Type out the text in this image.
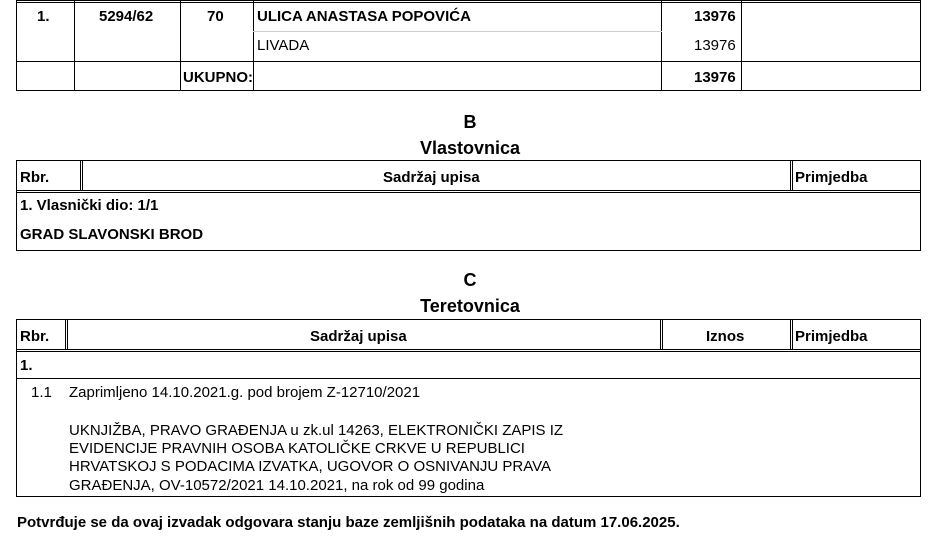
1.	5294/62	70 ULICA ANASTASA POPOVIĆA	13976
LIVADA	13976
UKUPNO:	13976
B
Vlastovnica
Rbr.	Sadržaj upisa	Primjedba
1. Vlasnički dio: 1/1
GRAD SLAVONSKI BROD
C
Teretovnica
Rbr.	Sadržaj upisa	Iznos	Primjedba
1.
1.1 Zaprimljeno 14.10.2021.g. pod brojem Z-12710/2021
UKNJIŽBA, PRAVO GRAĐENJA u zk.ul 14263, ELEKTRONIČKI ZAPIS IZ
EVIDENCIJE PRAVNIH OSOBA KATOLIČKE CRKVE U REPUBLICI
HRVATSKOJ S PODACIMA IZVATKA, UGOVOR O OSNIVANJU PRAVA
GRAĐENJA, OV-10572/2021 14.10.2021, na rok od 99 godina
Potvrđuje se da ovaj izvadak odgovara stanju baze zemljišnih podataka na datum 17.06.2025.
